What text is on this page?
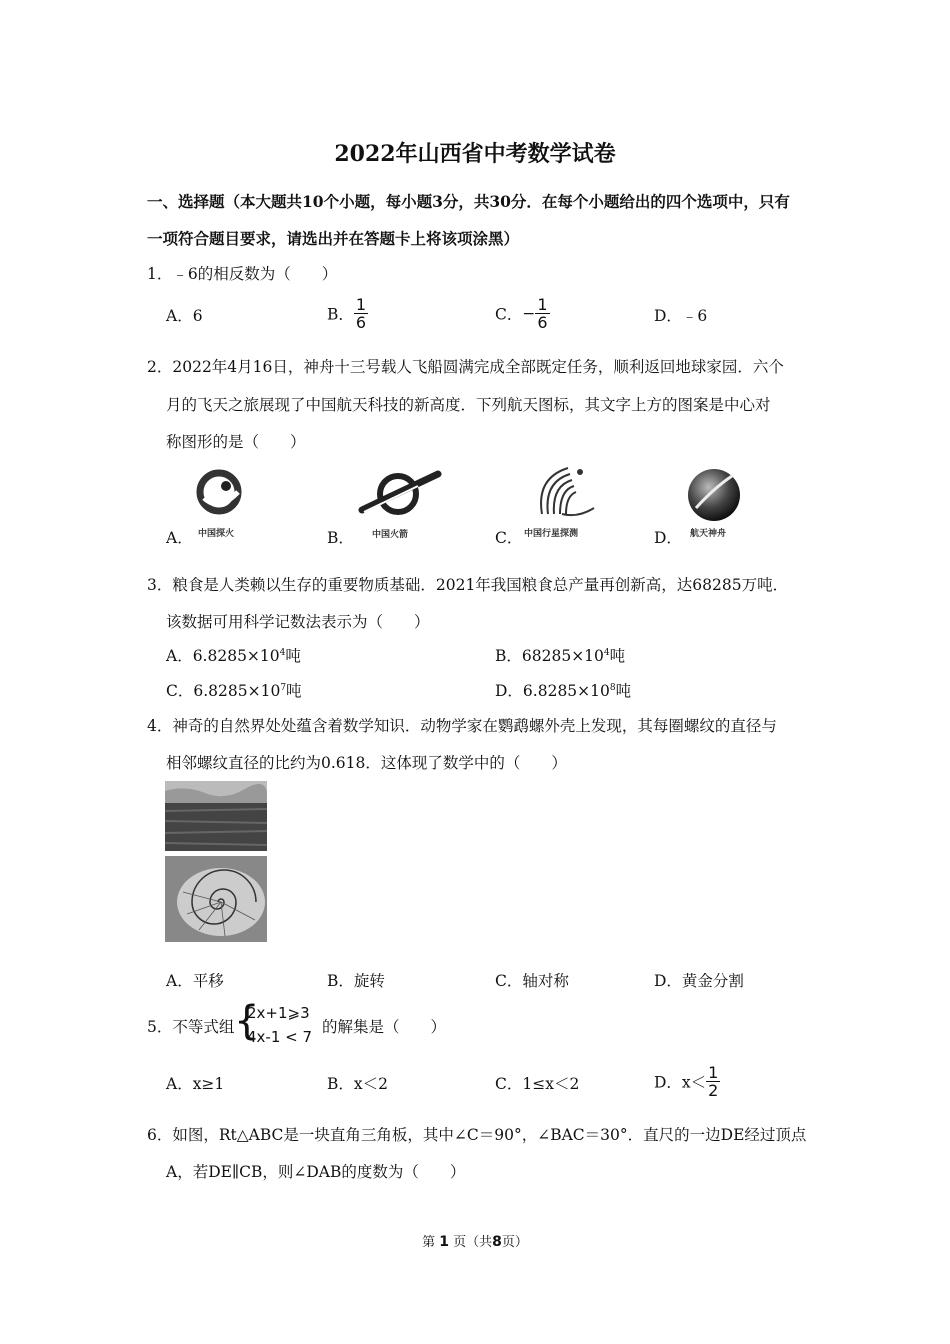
2022年山西省中考数学试卷
一、选择题（本大题共10个小题，每小题3分，共30分．在每个小题给出的四个选项中，只有
一项符合题目要求，请选出并在答题卡上将该项涂黑）
1．﹣6的相反数为（　　）
A．6	B． $\frac{1}{6}$	C．− $\frac{1}{6}$	D．﹣6
2．2022年4月16日，神舟十三号载人飞船圆满完成全部既定任务，顺利返回地球家园．六个
月的飞天之旅展现了中国航天科技的新高度．下列航天图标，其文字上方的图案是中心对
称图形的是（　　）
A． 中国探火	B． 中国火箭	C． 中国行星探测	D． 航天神舟
3．粮食是人类赖以生存的重要物质基础．2021年我国粮食总产量再创新高，达68285万吨．
该数据可用科学记数法表示为（　　）
A．$6.8285\times 10^4$吨	B．$68285\times 10^4$吨
C．$6.8285\times 10^7$吨	D．$6.8285\times 10^8$吨
4．神奇的自然界处处蕴含着数学知识．动物学家在鹦鹉螺外壳上发现，其每圈螺纹的直径与
相邻螺纹直径的比约为0.618．这体现了数学中的（　　）
A．平移	B．旋转	C．轴对称	D．黄金分割
5．不等式组 {
2x+1⩾3
4x-1 < 7
的解集是（　　）
A．x≥1	B．x＜2	C．1≤x＜2	D．$x< \frac{1}{2}$
6．如图，Rt△ABC是一块直角三角板，其中∠C＝90°，∠BAC＝30°．直尺的一边DE经过顶点
A，若DE∥CB，则∠DAB的度数为（　　）
第 1 页（共8页）
